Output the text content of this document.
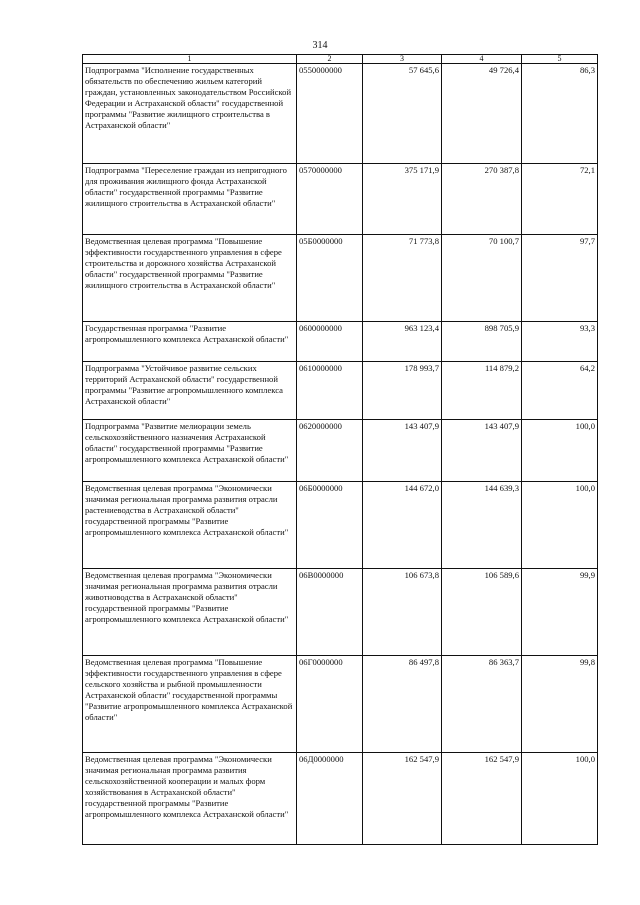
314
1	2	3	4	5
Подпрограмма "Исполнение государственных обязательств по обеспечению жильем категорий граждан, установленных законодательством Российской Федерации и Астраханской области" государственной программы "Развитие жилищного строительства в Астраханской области"	0550000000	57 645,6	49 726,4	86,3
Подпрограмма "Переселение граждан из непригодного для проживания жилищного фонда Астраханской области" государственной программы "Развитие жилищного строительства в Астраханской области"	0570000000	375 171,9	270 387,8	72,1
Ведомственная целевая программа "Повышение эффективности государственного управления в сфере строительства и дорожного хозяйства Астраханской области" государственной программы "Развитие жилищного строительства в Астраханской области"	05Б0000000	71 773,8	70 100,7	97,7
Государственная программа "Развитие агропромышленного комплекса Астраханской области"	0600000000	963 123,4	898 705,9	93,3
Подпрограмма "Устойчивое развитие сельских территорий Астраханской области" государственной программы "Развитие агропромышленного комплекса Астраханской области"	0610000000	178 993,7	114 879,2	64,2
Подпрограмма "Развитие мелиорации земель сельскохозяйственного назначения Астраханской области" государственной программы "Развитие агропромышленного комплекса Астраханской области"	0620000000	143 407,9	143 407,9	100,0
Ведомственная целевая программа "Экономически значимая региональная программа развития отрасли растениеводства в Астраханской области" государственной программы "Развитие агропромышленного комплекса Астраханской области"	06Б0000000	144 672,0	144 639,3	100,0
Ведомственная целевая программа "Экономически значимая региональная программа развития отрасли животноводства в Астраханской области" государственной программы "Развитие агропромышленного комплекса Астраханской области"	06В0000000	106 673,8	106 589,6	99,9
Ведомственная целевая программа "Повышение эффективности государственного управления в сфере сельского хозяйства и рыбной промышленности Астраханской области" государственной программы "Развитие агропромышленного комплекса Астраханской области"	06Г0000000	86 497,8	86 363,7	99,8
Ведомственная целевая программа "Экономически значимая региональная программа развития сельскохозяйственной кооперации и малых форм хозяйствования в Астраханской области" государственной программы "Развитие агропромышленного комплекса Астраханской области"	06Д0000000	162 547,9	162 547,9	100,0
